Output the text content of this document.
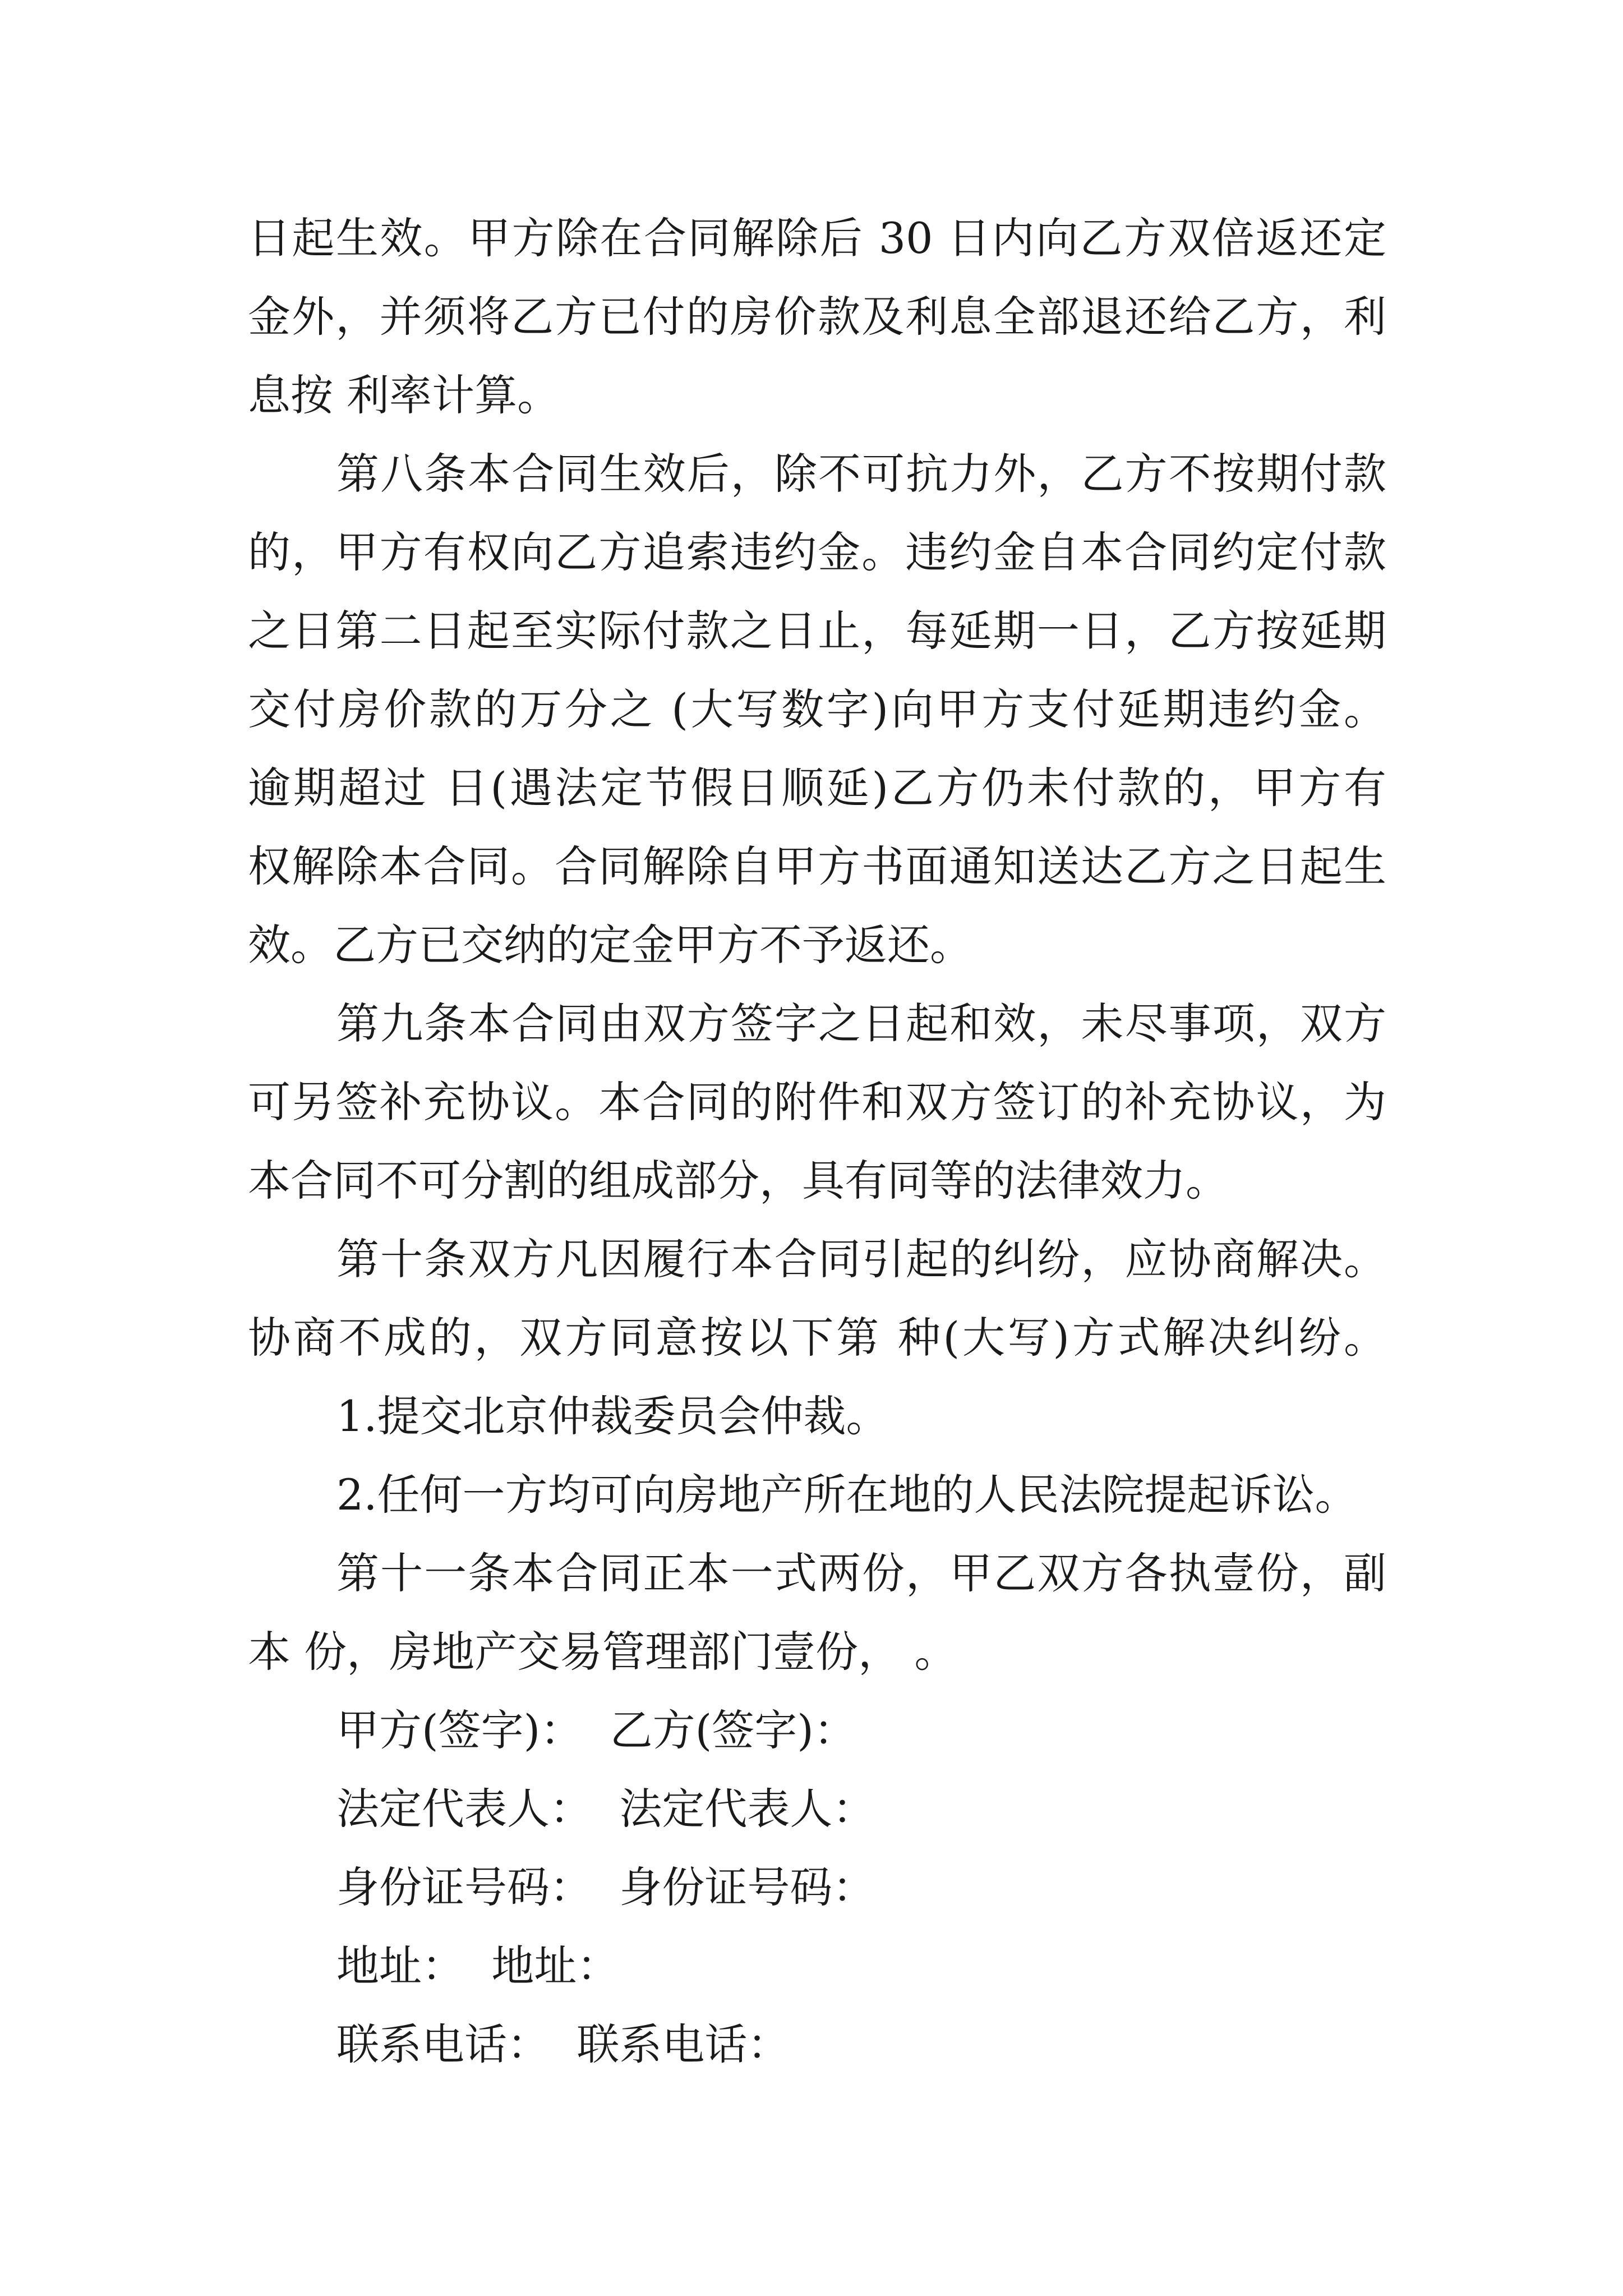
日起生效。甲方除在合同解除后 30 日内向乙方双倍返还定
金外，并须将乙方已付的房价款及利息全部退还给乙方，利
息按 利率计算。
第八条本合同生效后，除不可抗力外，乙方不按期付款
的，甲方有权向乙方追索违约金。违约金自本合同约定付款
之日第二日起至实际付款之日止，每延期一日，乙方按延期
交付房价款的万分之 (大写数字)向甲方支付延期违约金。
逾期超过 日(遇法定节假日顺延)乙方仍未付款的，甲方有
权解除本合同。合同解除自甲方书面通知送达乙方之日起生
效。乙方已交纳的定金甲方不予返还。
第九条本合同由双方签字之日起和效，未尽事项，双方
可另签补充协议。本合同的附件和双方签订的补充协议，为
本合同不可分割的组成部分，具有同等的法律效力。
第十条双方凡因履行本合同引起的纠纷，应协商解决。
协商不成的，双方同意按以下第 种(大写)方式解决纠纷。
1.提交北京仲裁委员会仲裁。
2.任何一方均可向房地产所在地的人民法院提起诉讼。
第十一条本合同正本一式两份，甲乙双方各执壹份，副
本 份，房地产交易管理部门壹份， 。
甲方(签字)：  乙方(签字)：
法定代表人：  法定代表人：
身份证号码：  身份证号码：
地址：  地址：
联系电话：  联系电话：
